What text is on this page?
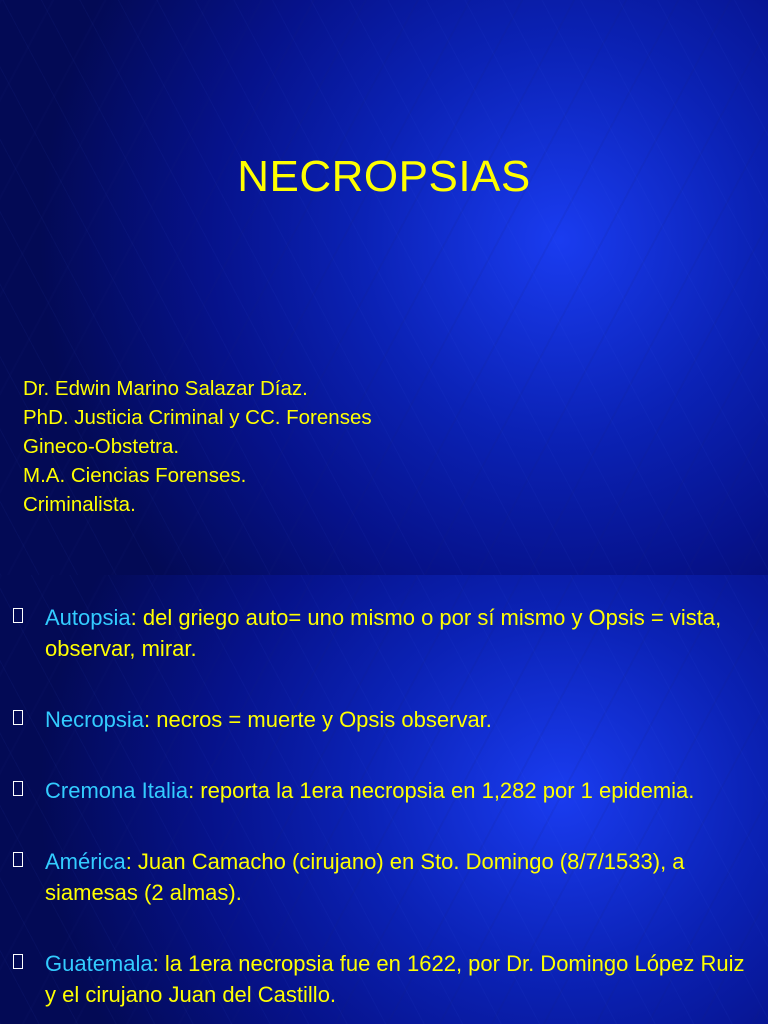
NECROPSIAS
Dr. Edwin Marino Salazar Díaz.
PhD. Justicia Criminal y CC. Forenses
Gineco-Obstetra.
M.A. Ciencias Forenses.
Criminalista.
Autopsia: del griego auto= uno mismo o por sí mismo y Opsis = vista, observar, mirar.
Necropsia: necros = muerte y Opsis observar.
Cremona Italia: reporta la 1era necropsia en 1,282 por 1 epidemia.
América: Juan Camacho (cirujano) en Sto. Domingo (8/7/1533), a siamesas (2 almas).
Guatemala: la 1era necropsia fue en 1622, por Dr. Domingo López Ruiz y el cirujano Juan del Castillo.
